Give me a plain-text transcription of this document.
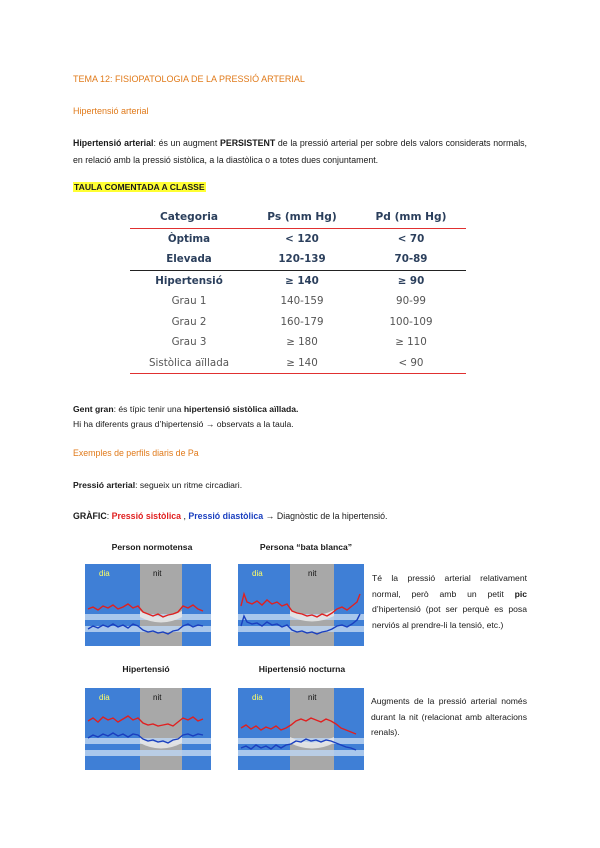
TEMA 12: FISIOPATOLOGIA DE LA PRESSIÓ ARTERIAL
Hipertensió arterial
Hipertensió arterial: és un augment PERSISTENT de la pressió arterial per sobre dels valors considerats normals, en relació amb la pressió sistòlica, a la diastòlica o a totes dues conjuntament.
TAULA COMENTADA A CLASSE
Categoria	Ps (mm Hg)	Pd (mm Hg)
Òptima	< 120	< 70
Elevada	120-139	70-89
Hipertensió	≥ 140	≥ 90
Grau 1	140-159	90-99
Grau 2	160-179	100-109
Grau 3	≥ 180	≥ 110
Sistòlica aïllada	≥ 140	< 90
Gent gran: és típic tenir una hipertensió sistòlica aïllada.
Hi ha diferents graus d’hipertensió → observats a la taula.
Exemples de perfils diaris de Pa
Pressió arterial: segueix un ritme circadiari.
GRÀFIC: Pressió sistòlica , Pressió diastòlica → Diagnòstic de la hipertensió.
Person normotensa	Persona “bata blanca”
Hipertensió	Hipertensió nocturna
dia	nit	dia	nit
dia	nit	dia	nit
Té la pressió arterial relativament normal, però amb un petit pic d’hipertensió (pot ser perquè es posa nerviós al prendre-li la tensió, etc.)
Augments de la pressió arterial només durant la nit (relacionat amb alteracions renals).
